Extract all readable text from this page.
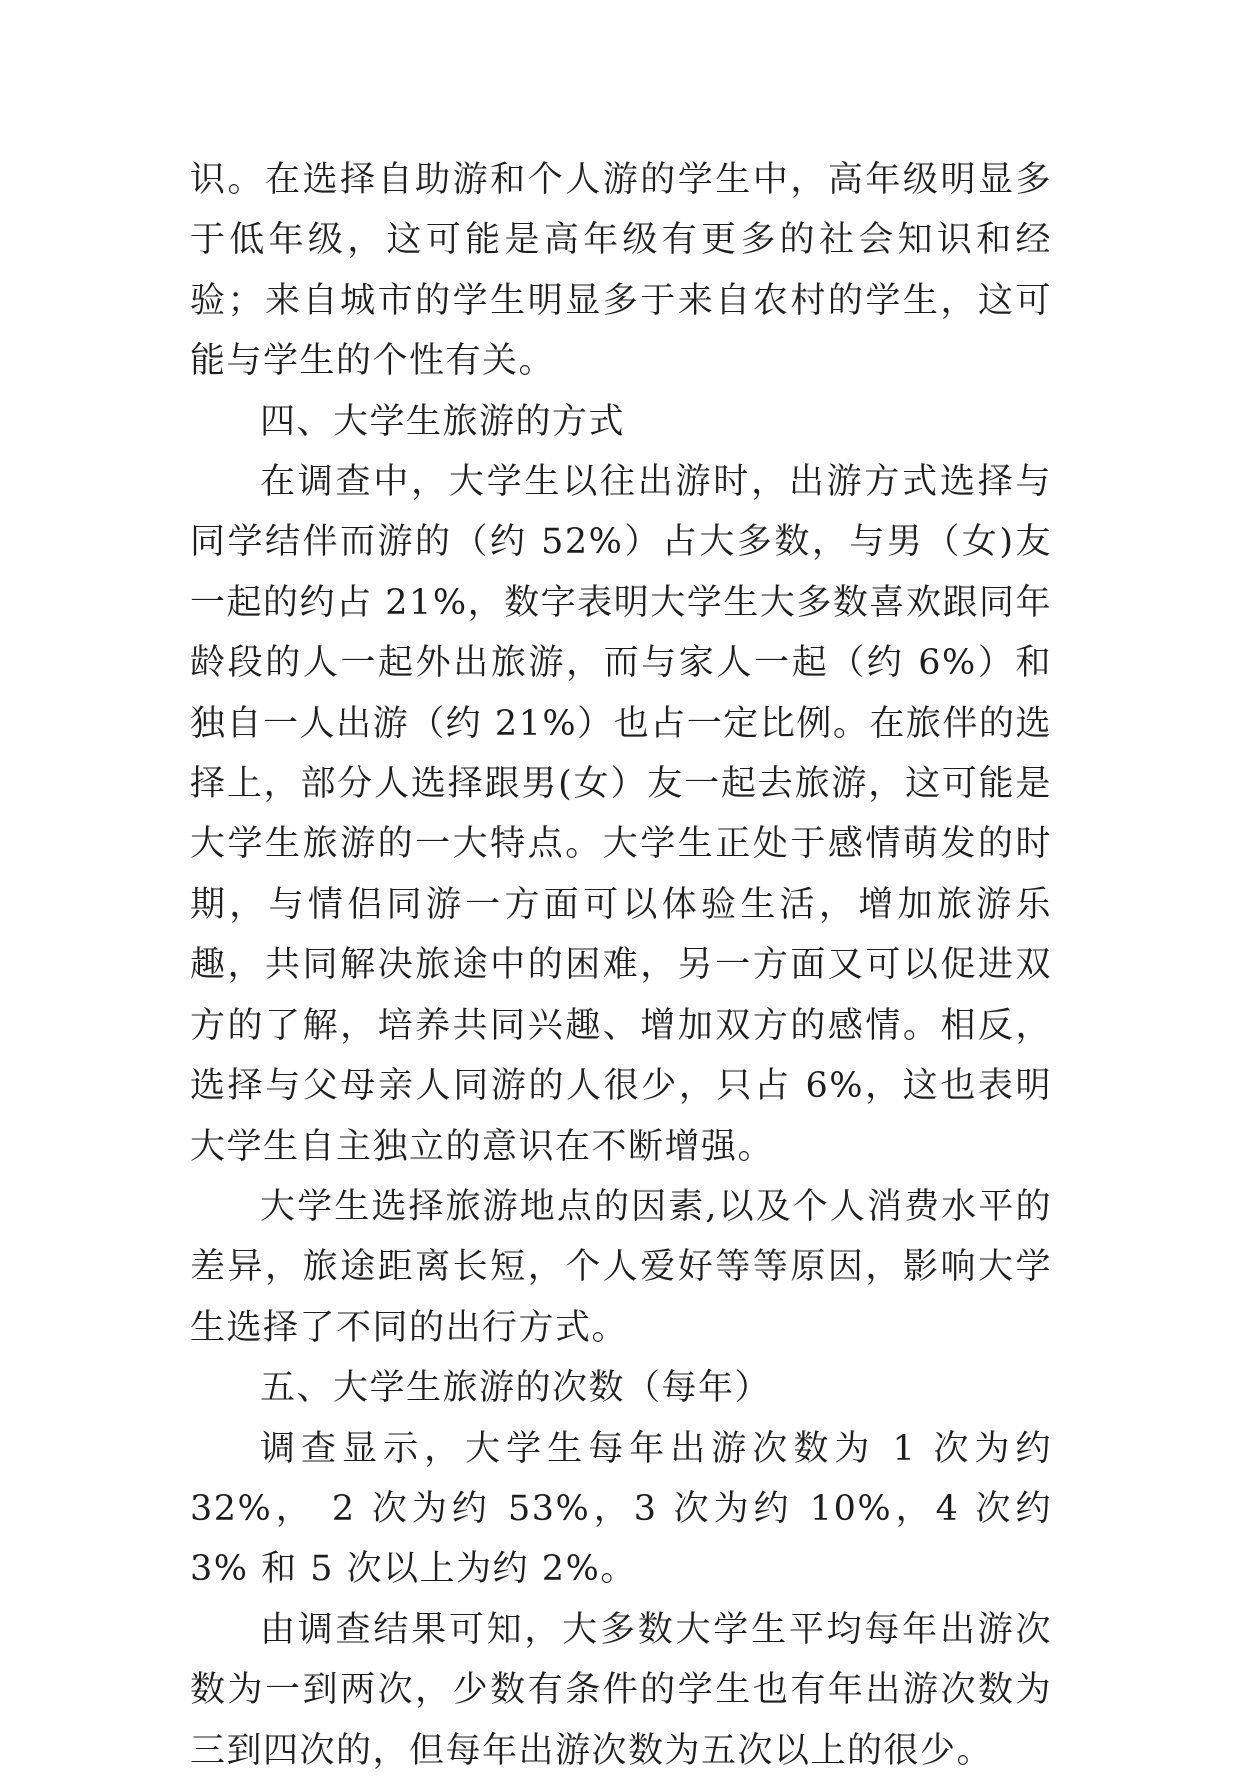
识。在选择自助游和个人游的学生中，高年级明显多于低年级，这可能是高年级有更多的社会知识和经验；来自城市的学生明显多于来自农村的学生，这可能与学生的个性有关。

四、大学生旅游的方式

在调查中，大学生以往出游时，出游方式选择与同学结伴而游的（约 52%）占大多数，与男（女)友一起的约占 21%，数字表明大学生大多数喜欢跟同年龄段的人一起外出旅游，而与家人一起（约 6%）和独自一人出游（约 21%）也占一定比例。在旅伴的选择上，部分人选择跟男(女）友一起去旅游，这可能是大学生旅游的一大特点。大学生正处于感情萌发的时期，与情侣同游一方面可以体验生活，增加旅游乐趣，共同解决旅途中的困难，另一方面又可以促进双方的了解，培养共同兴趣、增加双方的感情。相反，选择与父母亲人同游的人很少，只占 6%，这也表明大学生自主独立的意识在不断增强。

大学生选择旅游地点的因素,以及个人消费水平的差异，旅途距离长短，个人爱好等等原因，影响大学生选择了不同的出行方式。

五、大学生旅游的次数（每年）

调查显示，大学生每年出游次数为 1 次为约 32%， 2 次为约 53%，3 次为约 10%，4 次约 3% 和 5 次以上为约 2%。

由调查结果可知，大多数大学生平均每年出游次数为一到两次，少数有条件的学生也有年出游次数为三到四次的，但每年出游次数为五次以上的很少。
